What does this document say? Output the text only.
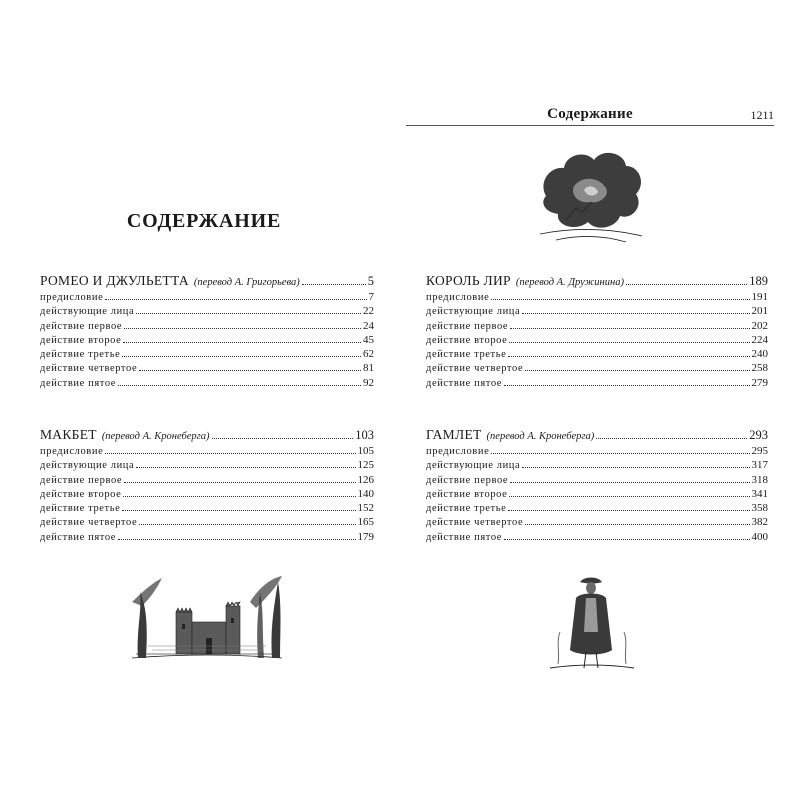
СОДЕРЖАНИЕ
РОМЕО И ДЖУЛЬЕТТА (перевод А. Григорьева)	5
предисловие	7
действующие лица	22
действие первое	24
действие второе	45
действие третье	62
действие четвертое	81
действие пятое	92
МАКБЕТ (перевод А. Кронеберга)	103
предисловие	105
действующие лица	125
действие первое	126
действие второе	140
действие третье	152
действие четвертое	165
действие пятое	179
Содержание	1211
КОРОЛЬ ЛИР (перевод А. Дружинина)	189
предисловие	191
действующие лица	201
действие первое	202
действие второе	224
действие третье	240
действие четвертое	258
действие пятое	279
ГАМЛЕТ (перевод А. Кронеберга)	293
предисловие	295
действующие лица	317
действие первое	318
действие второе	341
действие третье	358
действие четвертое	382
действие пятое	400
